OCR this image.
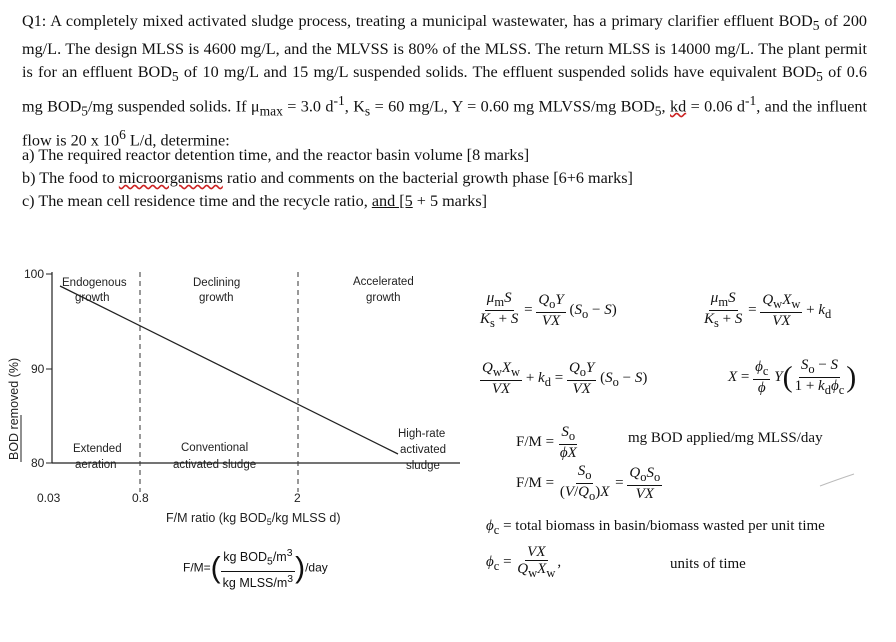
Q1: A completely mixed activated sludge process, treating a municipal wastewater, has a primary clarifier effluent $BOD_5$ of 200 mg/L. The design MLSS is 4600 mg/L, and the MLVSS is 80% of the MLSS. The return MLSS is 14000 mg/L. The plant permit is for an effluent $BOD_5$ of 10 mg/L and 15 mg/L suspended solids. The effluent suspended solids have equivalent $BOD_5$ of 0.6 mg $BOD_5/mg$ suspended solids. If $\mu_{max} = 3.0$ $d^{-1}$, $K_s = 60$ mg/L, Y = 0.60 mg MLVSS/mg $BOD_5$, kd = 0.06 $d^{-1}$, and the influent flow is 20 x $10^6$ L/d, determine:
a) The required reactor detention time, and the reactor basin volume [8 marks]
b) The food to microorganisms ratio and comments on the bacterial growth phase [6+6 marks]
c) The mean cell residence time and the recycle ratio, and [5 + 5 marks]
BOD removed (%)
100
90
80
0.03	0.8	2
F/M ratio (kg $BOD_5/kg$ MLSS d)
Endogenous
growth
Declining
growth
Accelerated
growth
Extended
aeration
Conventional
activated sludge
High-rate
activated
sludge
$F/M=( \frac{kg BOD_5/m^3}{kg MLSS/m^3} )/day$
$\frac{\mu_mS}{K_s + S} = \frac{Q_oY}{VX} (S_o - S)$	$\frac{\mu_mS}{K_s + S} = \frac{Q_wX_w}{VX} + k_d$
$\frac{Q_wX_w}{VX} + k_d = \frac{Q_oY}{VX} (S_o - S)$	$X = \frac{\phi_c}{\phi} Y( \frac{S_o - S}{1 + k_d\phi_c}$ )
$F/M = \frac{S_o}{\phi X}$	mg BOD applied/mg MLSS/day
$F/M = \frac{S_o}{(V/Q_o)X} = \frac{Q_oS_o}{VX}$
$\phi_c$ = total biomass in basin/biomass wasted per unit time
$\phi_c = \frac{VX}{Q_wX_w}$ ,	units of time
